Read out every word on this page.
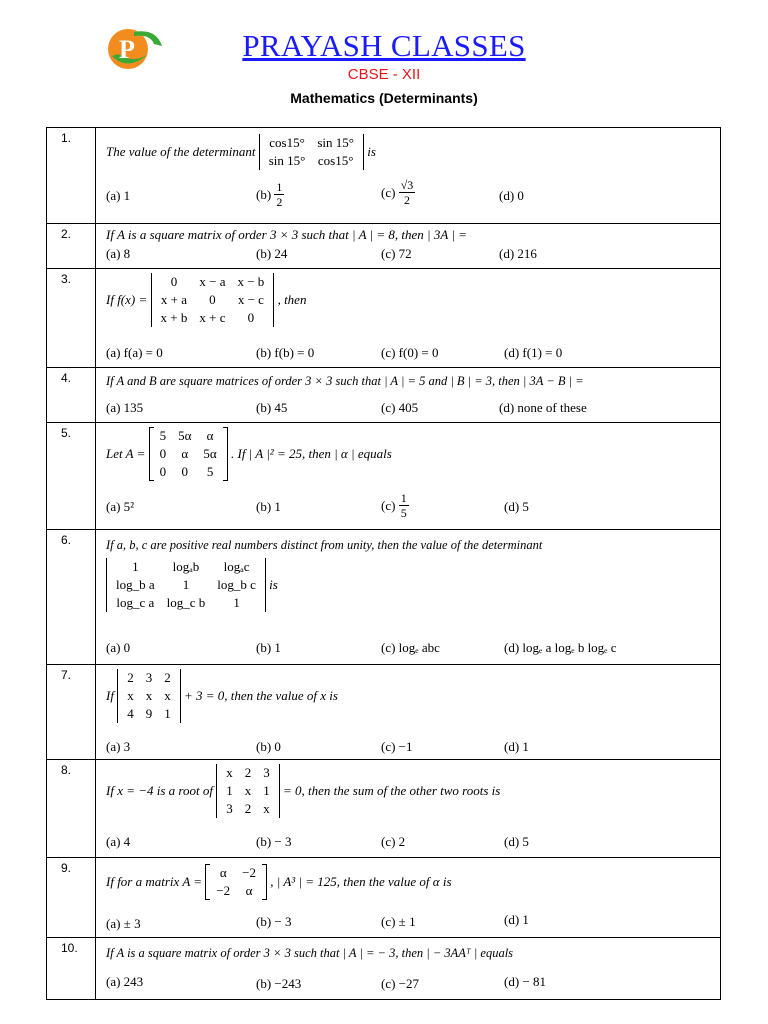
P	PRAYASH CLASSES
CBSE - XII
Mathematics (Determinants)
1.
The value of the determinant
cos15°	sin 15°
sin 15°	cos15°
is
(a) 1	$(b) \frac{1}{2}$	$(c) \frac{√3}{2}$	(d) 0
2.	If A is a square matrix of order 3 × 3 such that | A | = 8, then | 3A | =
(a) 8	(b) 24	(c) 72	(d) 216
3.
If f(x) =
0	x − a	x − b
x + a	0	x − c
x + b	x + c	0
, then
(a) f(a) = 0	(b) f(b) = 0	(c) f(0) = 0	(d) f(1) = 0
4.	If A and B are square matrices of order 3 × 3 such that | A | = 5 and | B | = 3, then | 3A − B | =
(a) 135	(b) 45	(c) 405	(d) none of these
5.
Let A =
5	5α	α
0	α	5α
0	0	5
. If | A |² = 25, then | α | equals
(a) 5²	(b) 1	$(c) \frac{1}{5}$	(d) 5
6.	If a, b, c are positive real numbers distinct from unity, then the value of the determinant
1	logₐb	logₐc
log_b a	1	log_b c
log_c a	log_c b	1
is
(a) 0	(b) 1	(c) logₑ abc	(d) logₑ a logₑ b logₑ c
7.
If
2	3	2
x	x	x
4	9	1
+ 3 = 0, then the value of x is
(a) 3	(b) 0	(c) −1	(d) 1
8.
If x = −4 is a root of
x	2	3
1	x	1
3	2	x
= 0, then the sum of the other two roots is
(a) 4	(b) − 3	(c) 2	(d) 5
9.
If for a matrix A =
α	−2
−2	α
, | A³ | = 125, then the value of α is
(a) ± 3	(b) − 3	(c) ± 1	(d) 1
10.	If A is a square matrix of order 3 × 3 such that | A | = − 3, then | − 3AAᵀ | equals
(a) 243	(b) −243	(c) −27	(d) − 81
